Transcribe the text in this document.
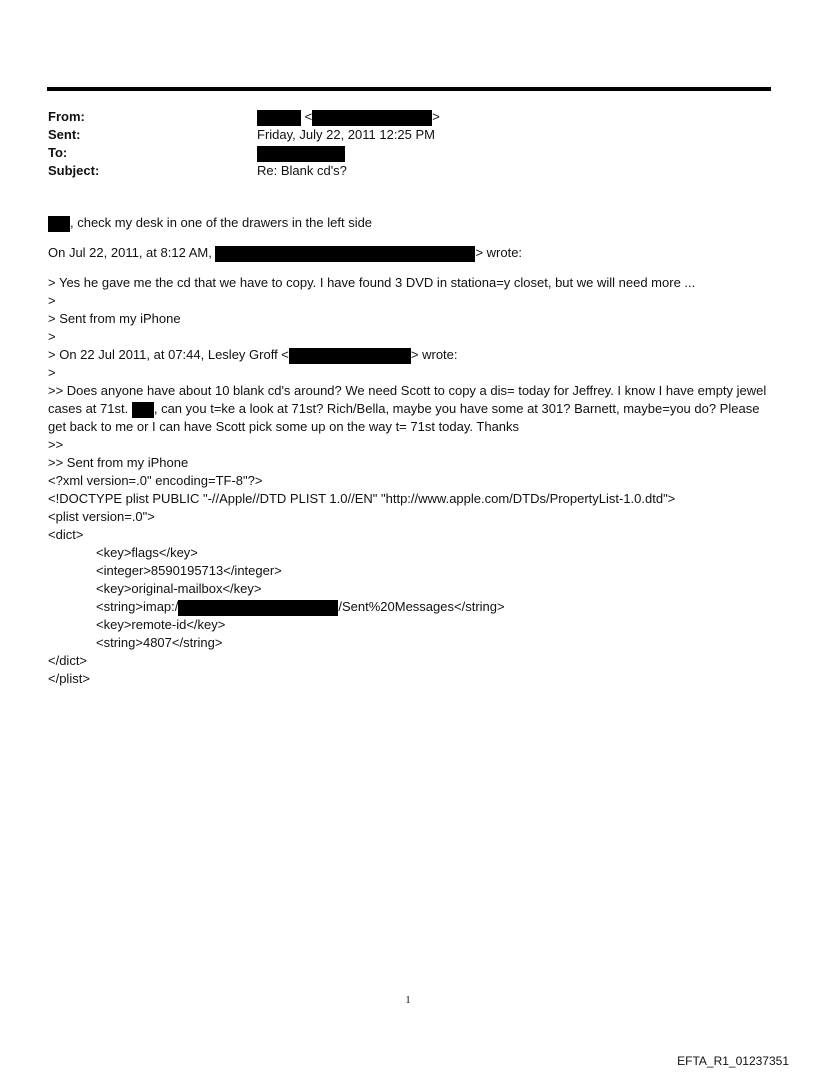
From:	<	>
Sent:	Friday, July 22, 2011 12:25 PM
To:
Subject:	Re: Blank cd's?
, check my desk in one of the drawers in the left side
On Jul 22, 2011, at 8:12 AM,	> wrote:
> Yes he gave me the cd that we have to copy. I have found 3 DVD in stationa=y closet, but we will need more ...
>
> Sent from my iPhone
>
> On 22 Jul 2011, at 07:44, Lesley Groff <	> wrote:
>
>> Does anyone have about 10 blank cd's around? We need Scott to copy a dis= today for Jeffrey. I know I have empty jewel cases at 71st. , can you t=ke a look at 71st? Rich/Bella, maybe you have some at 301? Barnett, maybe=you do? Please get back to me or I can have Scott pick some up on the way t= 71st today. Thanks
>>
>> Sent from my iPhone
<?xml version=.0" encoding=TF-8"?>
<!DOCTYPE plist PUBLIC "-//Apple//DTD PLIST 1.0//EN" "http://www.apple.com/DTDs/PropertyList-1.0.dtd">
<plist version=.0">
<dict>
<key>flags</key>
<integer>8590195713</integer>
<key>original-mailbox</key>
<string>imap:/	/Sent%20Messages</string>
<key>remote-id</key>
<string>4807</string>
</dict>
</plist>
1
EFTA_R1_01237351
